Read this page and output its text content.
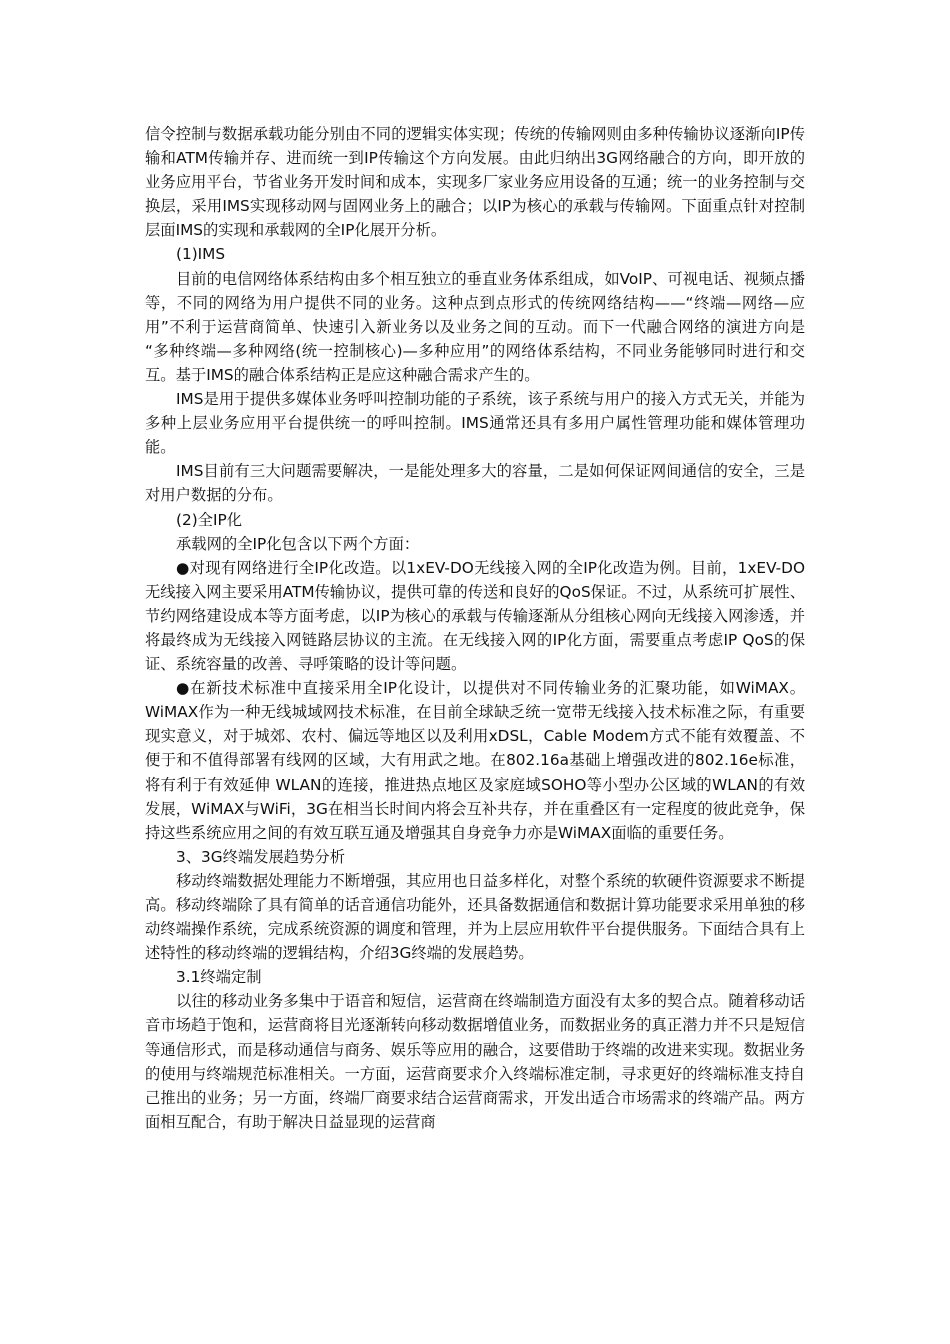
信令控制与数据承载功能分别由不同的逻辑实体实现；传统的传输网则由多种传输协议逐渐向IP传输和ATM传输并存、进而统一到IP传输这个方向发展。由此归纳出3G网络融合的方向，即开放的业务应用平台，节省业务开发时间和成本，实现多厂家业务应用设备的互通；统一的业务控制与交换层，采用IMS实现移动网与固网业务上的融合；以IP为核心的承载与传输网。下面重点针对控制层面IMS的实现和承载网的全IP化展开分析。

(1)IMS

目前的电信网络体系结构由多个相互独立的垂直业务体系组成，如VoIP、可视电话、视频点播等，不同的网络为用户提供不同的业务。这种点到点形式的传统网络结构——“终端—网络—应用”不利于运营商简单、快速引入新业务以及业务之间的互动。而下一代融合网络的演进方向是 “多种终端—多种网络(统一控制核心)—多种应用”的网络体系结构，不同业务能够同时进行和交互。基于IMS的融合体系结构正是应这种融合需求产生的。

IMS是用于提供多媒体业务呼叫控制功能的子系统，该子系统与用户的接入方式无关，并能为多种上层业务应用平台提供统一的呼叫控制。IMS通常还具有多用户属性管理功能和媒体管理功能。

IMS目前有三大问题需要解决，一是能处理多大的容量，二是如何保证网间通信的安全，三是对用户数据的分布。

(2)全IP化

承载网的全IP化包含以下两个方面：

●对现有网络进行全IP化改造。以1xEV-DO无线接入网的全IP化改造为例。目前，1xEV-DO无线接入网主要采用ATM传输协议，提供可靠的传送和良好的QoS保证。不过，从系统可扩展性、节约网络建设成本等方面考虑，以IP为核心的承载与传输逐渐从分组核心网向无线接入网渗透，并将最终成为无线接入网链路层协议的主流。在无线接入网的IP化方面，需要重点考虑IP QoS的保证、系统容量的改善、寻呼策略的设计等问题。

●在新技术标准中直接采用全IP化设计，以提供对不同传输业务的汇聚功能，如WiMAX。WiMAX作为一种无线城域网技术标准，在目前全球缺乏统一宽带无线接入技术标准之际，有重要现实意义，对于城郊、农村、偏远等地区以及利用xDSL，Cable Modem方式不能有效覆盖、不便于和不值得部署有线网的区域，大有用武之地。在802.16a基础上增强改进的802.16e标准，将有利于有效延伸 WLAN的连接，推进热点地区及家庭域SOHO等小型办公区域的WLAN的有效发展，WiMAX与WiFi，3G在相当长时间内将会互补共存，并在重叠区有一定程度的彼此竞争，保持这些系统应用之间的有效互联互通及增强其自身竞争力亦是WiMAX面临的重要任务。

3、3G终端发展趋势分析

移动终端数据处理能力不断增强，其应用也日益多样化，对整个系统的软硬件资源要求不断提高。移动终端除了具有简单的话音通信功能外，还具备数据通信和数据计算功能要求采用单独的移动终端操作系统，完成系统资源的调度和管理，并为上层应用软件平台提供服务。下面结合具有上述特性的移动终端的逻辑结构，介绍3G终端的发展趋势。

3.1终端定制

以往的移动业务多集中于语音和短信，运营商在终端制造方面没有太多的契合点。随着移动话音市场趋于饱和，运营商将目光逐渐转向移动数据增值业务，而数据业务的真正潜力并不只是短信等通信形式，而是移动通信与商务、娱乐等应用的融合，这要借助于终端的改进来实现。数据业务的使用与终端规范标准相关。一方面，运营商要求介入终端标准定制，寻求更好的终端标准支持自己推出的业务；另一方面，终端厂商要求结合运营商需求，开发出适合市场需求的终端产品。两方面相互配合，有助于解决日益显现的运营商
